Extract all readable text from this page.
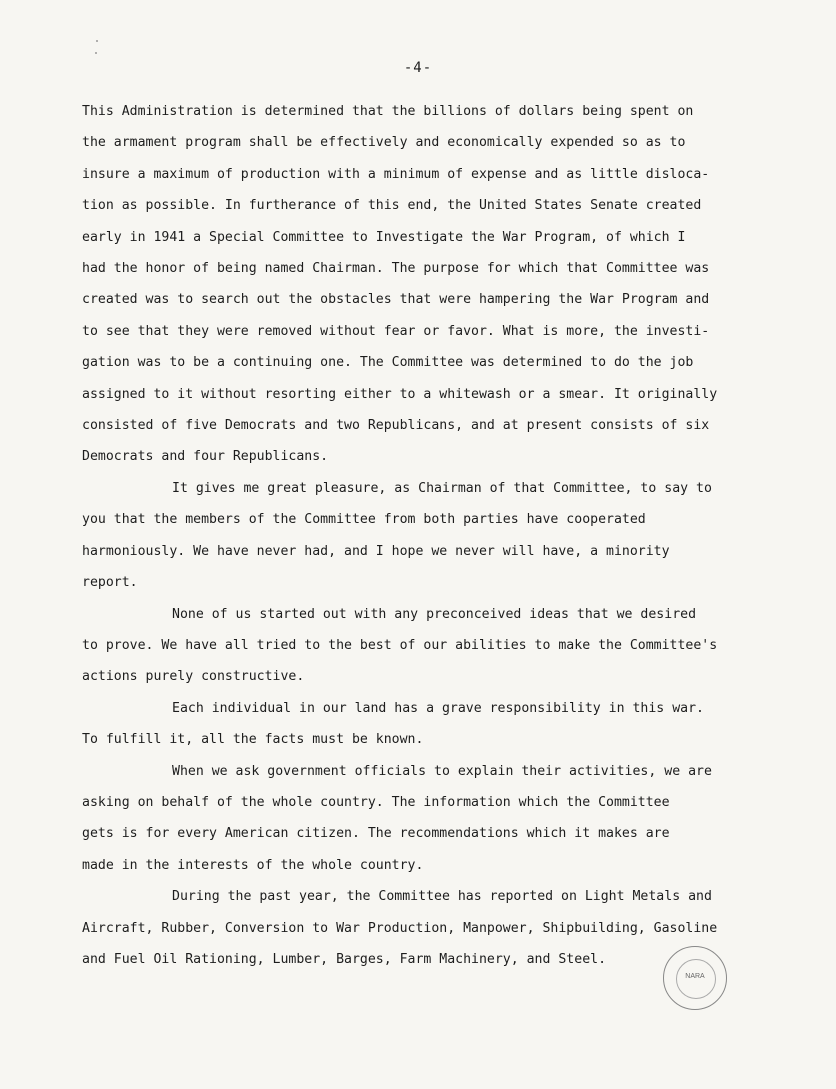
-4-
This Administration is determined that the billions of dollars being spent on
the armament program shall be effectively and economically expended so as to
insure a maximum of production with a minimum of expense and as little disloca-
tion as possible. In furtherance of this end, the United States Senate created
early in 1941 a Special Committee to Investigate the War Program, of which I
had the honor of being named Chairman. The purpose for which that Committee was
created was to search out the obstacles that were hampering the War Program and
to see that they were removed without fear or favor. What is more, the investi-
gation was to be a continuing one. The Committee was determined to do the job
assigned to it without resorting either to a whitewash or a smear. It originally
consisted of five Democrats and two Republicans, and at present consists of six
Democrats and four Republicans.
It gives me great pleasure, as Chairman of that Committee, to say to
you that the members of the Committee from both parties have cooperated
harmoniously. We have never had, and I hope we never will have, a minority
report.
None of us started out with any preconceived ideas that we desired
to prove. We have all tried to the best of our abilities to make the Committee's
actions purely constructive.
Each individual in our land has a grave responsibility in this war.
To fulfill it, all the facts must be known.
When we ask government officials to explain their activities, we are
asking on behalf of the whole country. The information which the Committee
gets is for every American citizen. The recommendations which it makes are
made in the interests of the whole country.
During the past year, the Committee has reported on Light Metals and
Aircraft, Rubber, Conversion to War Production, Manpower, Shipbuilding, Gasoline
and Fuel Oil Rationing, Lumber, Barges, Farm Machinery, and Steel.
NARA
